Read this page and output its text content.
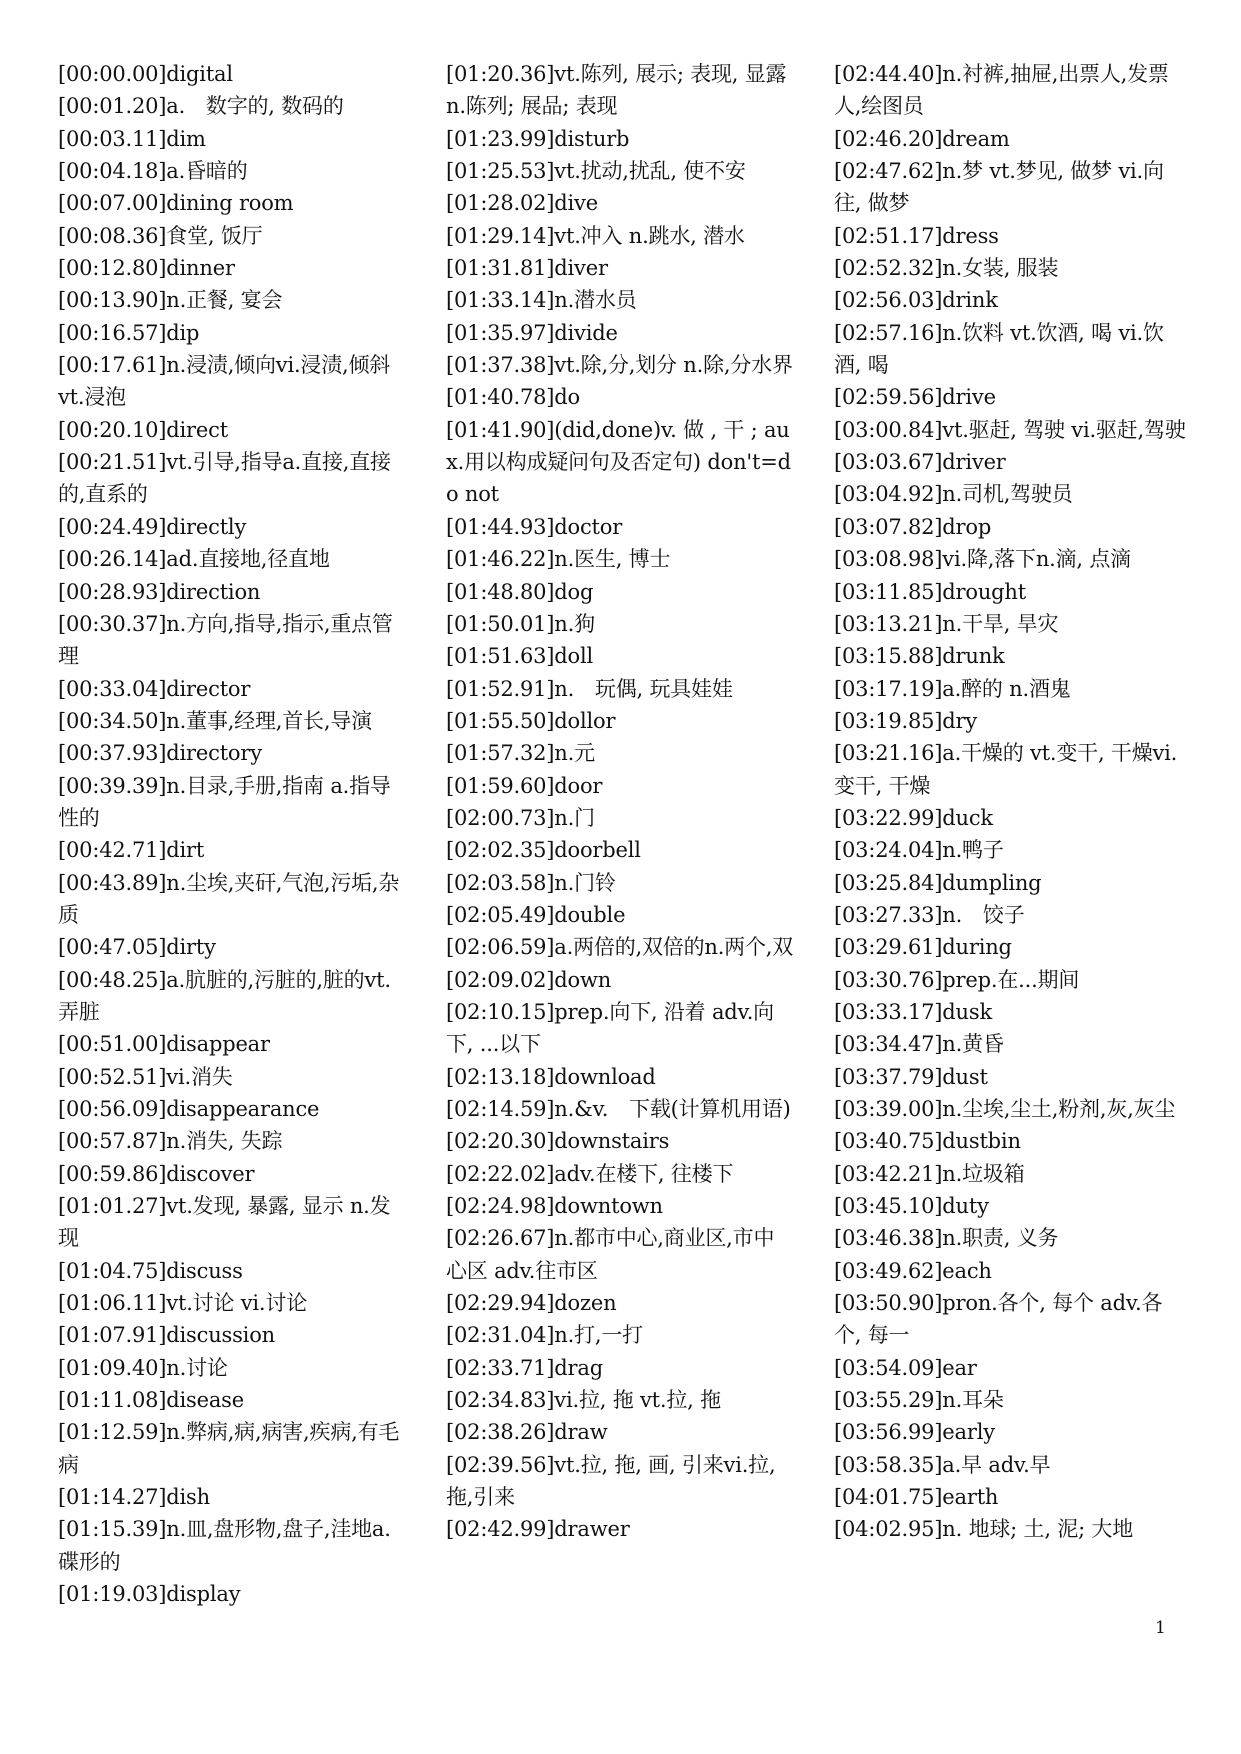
[00:00.00]digital
[00:01.20]a.　数字的, 数码的
[00:03.11]dim
[00:04.18]a.昏暗的
[00:07.00]dining room
[00:08.36]食堂, 饭厅
[00:12.80]dinner
[00:13.90]n.正餐, 宴会
[00:16.57]dip
[00:17.61]n.浸渍,倾向vi.浸渍,倾斜 vt.浸泡
[00:20.10]direct
[00:21.51]vt.引导,指导a.直接,直接的,直系的
[00:24.49]directly
[00:26.14]ad.直接地,径直地
[00:28.93]direction
[00:30.37]n.方向,指导,指示,重点管理
[00:33.04]director
[00:34.50]n.董事,经理,首长,导演
[00:37.93]directory
[00:39.39]n.目录,手册,指南 a.指导性的
[00:42.71]dirt
[00:43.89]n.尘埃,夹矸,气泡,污垢,杂质
[00:47.05]dirty
[00:48.25]a.肮脏的,污脏的,脏的vt.弄脏
[00:51.00]disappear
[00:52.51]vi.消失
[00:56.09]disappearance
[00:57.87]n.消失, 失踪
[00:59.86]discover
[01:01.27]vt.发现, 暴露, 显示 n.发现
[01:04.75]discuss
[01:06.11]vt.讨论 vi.讨论
[01:07.91]discussion
[01:09.40]n.讨论
[01:11.08]disease
[01:12.59]n.弊病,病,病害,疾病,有毛病
[01:14.27]dish
[01:15.39]n.皿,盘形物,盘子,洼地a.碟形的
[01:19.03]display
[01:20.36]vt.陈列, 展示; 表现, 显露 n.陈列; 展品; 表现
[01:23.99]disturb
[01:25.53]vt.扰动,扰乱, 使不安
[01:28.02]dive
[01:29.14]vt.冲入 n.跳水, 潜水
[01:31.81]diver
[01:33.14]n.潜水员
[01:35.97]divide
[01:37.38]vt.除,分,划分 n.除,分水界
[01:40.78]do
[01:41.90](did,done)v. 做 , 干 ; aux.用以构成疑问句及否定句) don't=do not
[01:44.93]doctor
[01:46.22]n.医生, 博士
[01:48.80]dog
[01:50.01]n.狗
[01:51.63]doll
[01:52.91]n.　玩偶, 玩具娃娃
[01:55.50]dollor
[01:57.32]n.元
[01:59.60]door
[02:00.73]n.门
[02:02.35]doorbell
[02:03.58]n.门铃
[02:05.49]double
[02:06.59]a.两倍的,双倍的n.两个,双
[02:09.02]down
[02:10.15]prep.向下, 沿着 adv.向下, ...以下
[02:13.18]download
[02:14.59]n.&v.　下载(计算机用语)
[02:20.30]downstairs
[02:22.02]adv.在楼下, 往楼下
[02:24.98]downtown
[02:26.67]n.都市中心,商业区,市中心区 adv.往市区
[02:29.94]dozen
[02:31.04]n.打,一打
[02:33.71]drag
[02:34.83]vi.拉, 拖 vt.拉, 拖
[02:38.26]draw
[02:39.56]vt.拉, 拖, 画, 引来vi.拉,拖,引来
[02:42.99]drawer
[02:44.40]n.衬裤,抽屉,出票人,发票人,绘图员
[02:46.20]dream
[02:47.62]n.梦 vt.梦见, 做梦 vi.向往, 做梦
[02:51.17]dress
[02:52.32]n.女装, 服装
[02:56.03]drink
[02:57.16]n.饮料 vt.饮酒, 喝 vi.饮酒, 喝
[02:59.56]drive
[03:00.84]vt.驱赶, 驾驶 vi.驱赶,驾驶
[03:03.67]driver
[03:04.92]n.司机,驾驶员
[03:07.82]drop
[03:08.98]vi.降,落下n.滴, 点滴
[03:11.85]drought
[03:13.21]n.干旱, 旱灾
[03:15.88]drunk
[03:17.19]a.醉的 n.酒鬼
[03:19.85]dry
[03:21.16]a.干燥的 vt.变干, 干燥vi.变干, 干燥
[03:22.99]duck
[03:24.04]n.鸭子
[03:25.84]dumpling
[03:27.33]n.　饺子
[03:29.61]during
[03:30.76]prep.在...期间
[03:33.17]dusk
[03:34.47]n.黄昏
[03:37.79]dust
[03:39.00]n.尘埃,尘土,粉剂,灰,灰尘
[03:40.75]dustbin
[03:42.21]n.垃圾箱
[03:45.10]duty
[03:46.38]n.职责, 义务
[03:49.62]each
[03:50.90]pron.各个, 每个 adv.各个, 每一
[03:54.09]ear
[03:55.29]n.耳朵
[03:56.99]early
[03:58.35]a.早 adv.早
[04:01.75]earth
[04:02.95]n. 地球; 土, 泥; 大地
1
